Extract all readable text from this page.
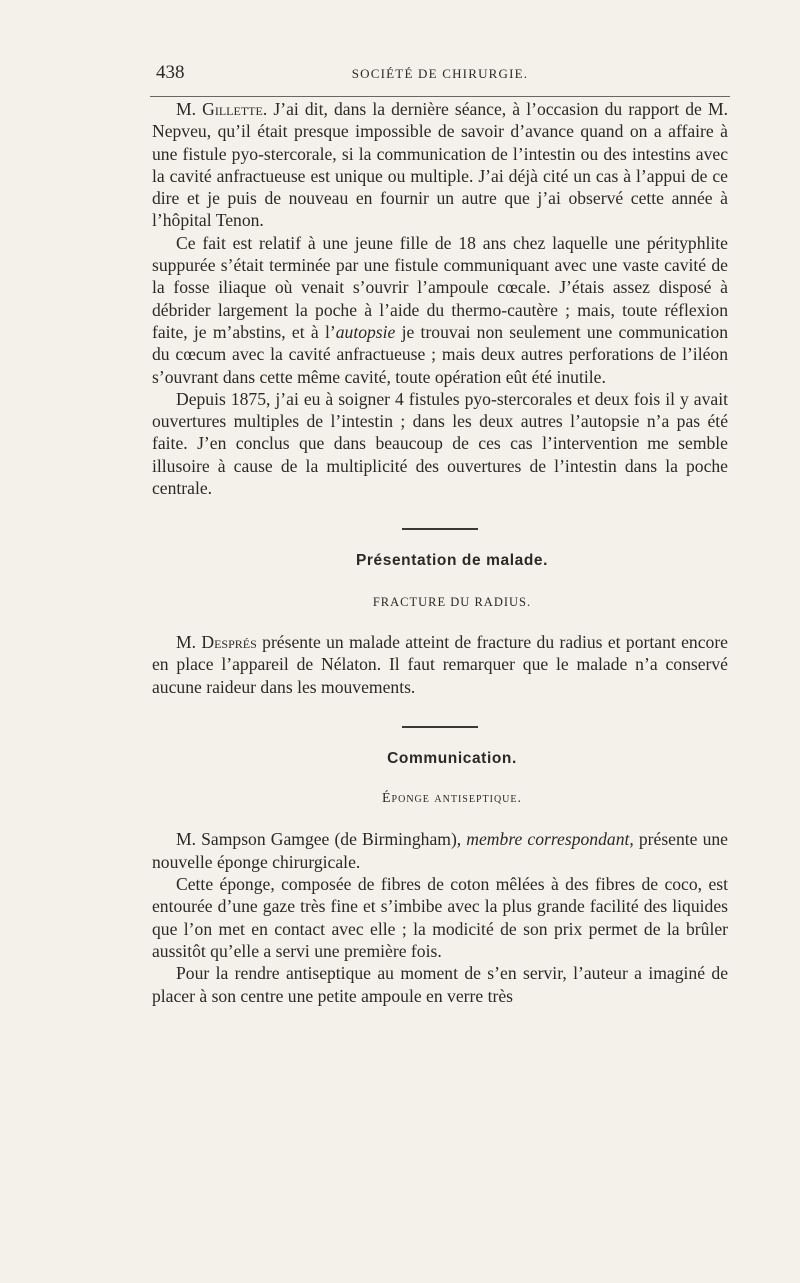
438	SOCIÉTÉ DE CHIRURGIE.

M. Gillette. J’ai dit, dans la dernière séance, à l’occasion du rapport de M. Nepveu, qu’il était presque impossible de savoir d’avance quand on a affaire à une fistule pyo-stercorale, si la communication de l’intestin ou des intestins avec la cavité anfractueuse est unique ou multiple. J’ai déjà cité un cas à l’appui de ce dire et je puis de nouveau en fournir un autre que j’ai observé cette année à l’hôpital Tenon.

Ce fait est relatif à une jeune fille de 18 ans chez laquelle une pérityphlite suppurée s’était terminée par une fistule communiquant avec une vaste cavité de la fosse iliaque où venait s’ouvrir l’ampoule cœcale. J’étais assez disposé à débrider largement la poche à l’aide du thermo-cautère ; mais, toute réflexion faite, je m’abstins, et à l’autopsie je trouvai non seulement une communication du cœcum avec la cavité anfractueuse ; mais deux autres perforations de l’iléon s’ouvrant dans cette même cavité, toute opération eût été inutile.

Depuis 1875, j’ai eu à soigner 4 fistules pyo-stercorales et deux fois il y avait ouvertures multiples de l’intestin ; dans les deux autres l’autopsie n’a pas été faite. J’en conclus que dans beaucoup de ces cas l’intervention me semble illusoire à cause de la multiplicité des ouvertures de l’intestin dans la poche centrale.

Présentation de malade.

FRACTURE DU RADIUS.

M. Després présente un malade atteint de fracture du radius et portant encore en place l’appareil de Nélaton. Il faut remarquer que le malade n’a conservé aucune raideur dans les mouvements.

Communication.

Éponge antiseptique.

M. Sampson Gamgee (de Birmingham), membre correspondant, présente une nouvelle éponge chirurgicale.

Cette éponge, composée de fibres de coton mêlées à des fibres de coco, est entourée d’une gaze très fine et s’imbibe avec la plus grande facilité des liquides que l’on met en contact avec elle ; la modicité de son prix permet de la brûler aussitôt qu’elle a servi une première fois.

Pour la rendre antiseptique au moment de s’en servir, l’auteur a imaginé de placer à son centre une petite ampoule en verre très
